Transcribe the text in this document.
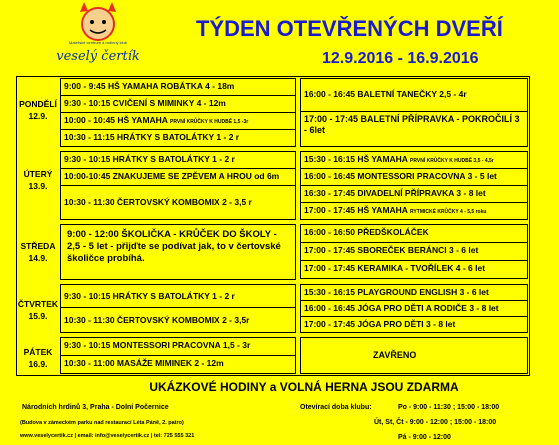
Mateřské centrum a rodinný klub
veselý čertík
TÝDEN OTEVŘENÝCH DVEŘÍ
12.9.2016 - 16.9.2016
PONDĚLÍ
12.9.
ÚTERÝ
13.9.
STŘEDA
14.9.
ČTVRTEK
15.9.
PÁTEK
16.9.
9:00 - 9:45 HŠ YAMAHA ROBÁTKA 4 - 18m
9:30 - 10:15 CVIČENÍ S MIMINKY 4 - 12m
10:00 - 10:45 HŠ YAMAHA PRVNÍ KRŮČKY K HUDBĚ 1,5 -3r
10:30 - 11:15 HRÁTKY S BATOLÁTKY 1 - 2 r
16:00 - 16:45 BALETNÍ TANEČKY 2,5 - 4r
17:00 - 17:45 BALETNÍ PŘÍPRAVKA - POKROČILÍ 3 - 6let
9:30 - 10:15 HRÁTKY S BATOLÁTKY 1 - 2 r
10:00-10:45 ZNAKUJEME SE ZPĚVEM A HROU od 6m
10:30 - 11:30 ČERTOVSKÝ KOMBOMIX 2 - 3,5 r
15:30 - 16:15 HŠ YAMAHA PRVNÍ KRŮČKY K HUDBĚ 3,5 - 4,5r
16:00 - 16:45 MONTESSORI PRACOVNA 3 - 5 let
16:30 - 17:45 DIVADELNÍ PŘÍPRAVKA 3 - 8 let
17:00 - 17:45 HŠ YAMAHA RYTMICKÉ KRŮČKY 4 - 5,5 roku
9:00 - 12:00 ŠKOLIČKA - KRŮČEK DO ŠKOLY - 2,5 - 5 let - přijďte se podívat jak, to v čertovské školičce probíhá.
16:00 - 16:50 PŘEDŠKOLÁČEK
17:00 - 17:45 SBOREČEK BERÁNCI 3 - 6 let
17:00 - 17:45 KERAMIKA - TVOŘÍLEK 4 - 6 let
9:30 - 10:15 HRÁTKY S BATOLÁTKY 1 - 2 r
10:30 - 11:30 ČERTOVSKÝ KOMBOMIX 2 - 3,5r
15:30 - 16:15 PLAYGROUND ENGLISH 3 - 6 let
16:00 - 16:45 JÓGA PRO DĚTI A RODIČE 3 - 8 let
17:00 - 17:45 JÓGA PRO DĚTI 3 - 8 let
9:30 - 10:15 MONTESSORI PRACOVNA 1,5 - 3r
10:30 - 11:00 MASÁŽE MIMINEK 2 - 12m
ZAVŘENO
UKÁZKOVÉ HODINY a VOLNÁ HERNA JSOU ZDARMA
Národních hrdinů 3, Praha - Dolní Počernice
(Budova v zámeckém parku nad restaurací Léta Páně, 2. patro)
www.veselycertik.cz | email: info@veselycertik.cz | tel: 725 555 321
Otevírací doba klubu:	Po - 9:00 - 11:30 ; 15:00 - 18:00
Út, St, Čt - 9:00 - 12:00 ; 15:00 - 18:00
Pá - 9:00 - 12:00
